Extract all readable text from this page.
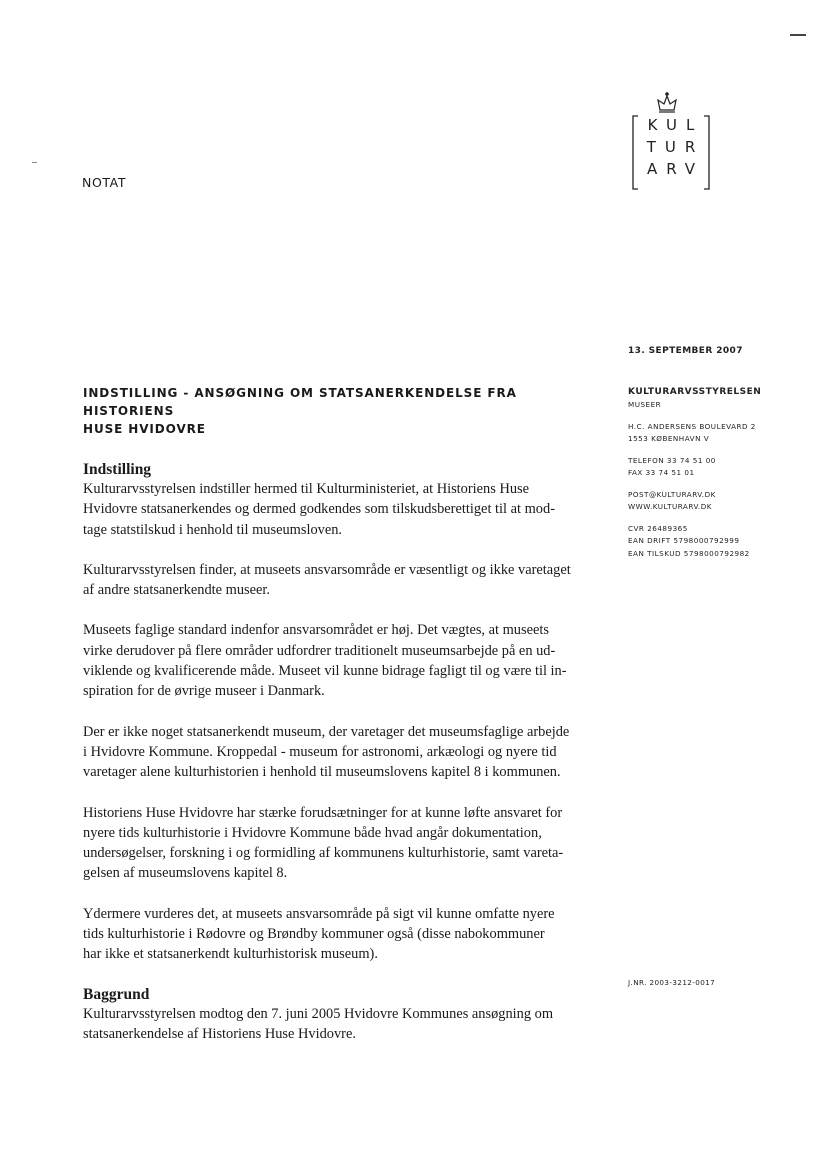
KUL
TUR
ARV
NOTAT
13. SEPTEMBER 2007
KULTURARVSSTYRELSEN
MUSEER
H.C. ANDERSENS BOULEVARD 2
1553 KØBENHAVN V
TELEFON 33 74 51 00
FAX 33 74 51 01
POST@KULTURARV.DK
WWW.KULTURARV.DK
CVR 26489365
EAN DRIFT 5798000792999
EAN TILSKUD 5798000792982
J.NR. 2003-3212-0017
INDSTILLING - ANSØGNING OM STATSANERKENDELSE FRA HISTORIENS
HUSE HVIDOVRE
Indstilling

Kulturarvsstyrelsen indstiller hermed til Kulturministeriet, at Historiens Huse
Hvidovre statsanerkendes og dermed godkendes som tilskudsberettiget til at mod-
tage statstilskud i henhold til museumsloven.

Kulturarvsstyrelsen finder, at museets ansvarsområde er væsentligt og ikke varetaget
af andre statsanerkendte museer.

Museets faglige standard indenfor ansvarsområdet er høj. Det vægtes, at museets
virke derudover på flere områder udfordrer traditionelt museumsarbejde på en ud-
viklende og kvalificerende måde. Museet vil kunne bidrage fagligt til og være til in-
spiration for de øvrige museer i Danmark.

Der er ikke noget statsanerkendt museum, der varetager det museumsfaglige arbejde
i Hvidovre Kommune. Kroppedal - museum for astronomi, arkæologi og nyere tid
varetager alene kulturhistorien i henhold til museumslovens kapitel 8 i kommunen.

Historiens Huse Hvidovre har stærke forudsætninger for at kunne løfte ansvaret for
nyere tids kulturhistorie i Hvidovre Kommune både hvad angår dokumentation,
undersøgelser, forskning i og formidling af kommunens kulturhistorie, samt vareta-
gelsen af museumslovens kapitel 8.

Ydermere vurderes det, at museets ansvarsområde på sigt vil kunne omfatte nyere
tids kulturhistorie i Rødovre og Brøndby kommuner også (disse nabokommuner
har ikke et statsanerkendt kulturhistorisk museum).

Baggrund

Kulturarvsstyrelsen modtog den 7. juni 2005 Hvidovre Kommunes ansøgning om
statsanerkendelse af Historiens Huse Hvidovre.
